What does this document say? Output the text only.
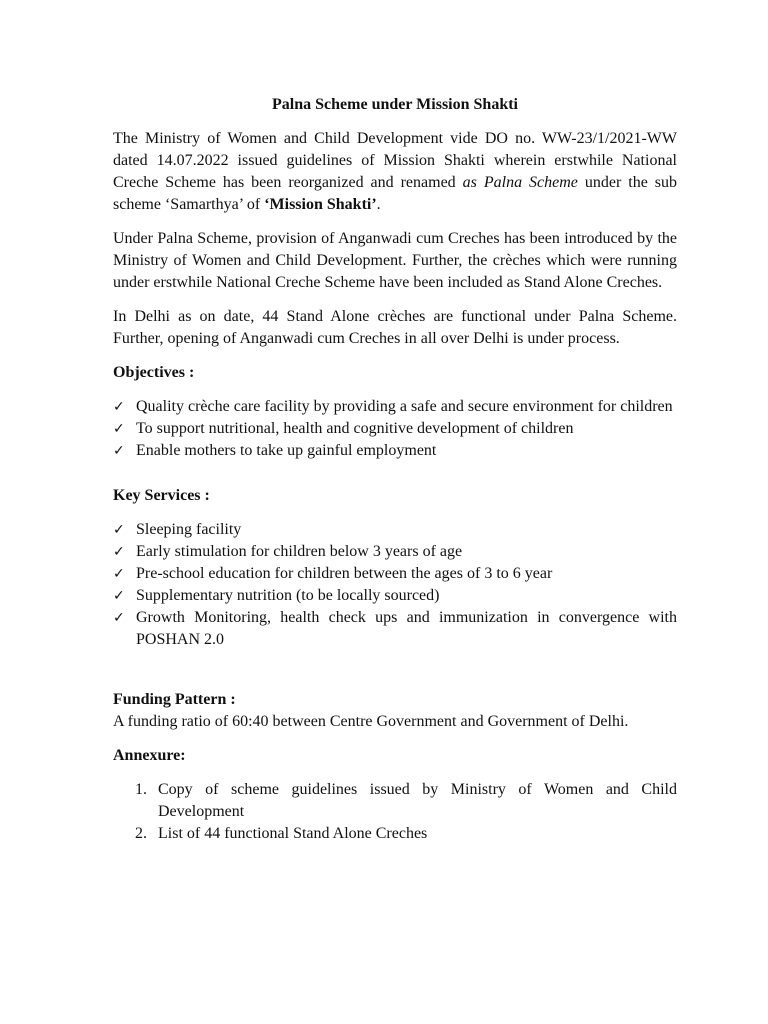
Palna Scheme under Mission Shakti

The Ministry of Women and Child Development vide DO no. WW-23/1/2021-WW dated 14.07.2022 issued guidelines of Mission Shakti wherein erstwhile National Creche Scheme has been reorganized and renamed as Palna Scheme under the sub scheme ‘Samarthya’ of ‘Mission Shakti’.

Under Palna Scheme, provision of Anganwadi cum Creches has been introduced by the Ministry of Women and Child Development. Further, the crèches which were running under erstwhile National Creche Scheme have been included as Stand Alone Creches.

In Delhi as on date, 44 Stand Alone crèches are functional under Palna Scheme. Further, opening of Anganwadi cum Creches in all over Delhi is under process.

Objectives :
✓ Quality crèche care facility by providing a safe and secure environment for children
✓ To support nutritional, health and cognitive development of children
✓ Enable mothers to take up gainful employment
Key Services :
✓ Sleeping facility
✓ Early stimulation for children below 3 years of age
✓ Pre-school education for children between the ages of 3 to 6 year
✓ Supplementary nutrition (to be locally sourced)
✓ Growth Monitoring, health check ups and immunization in convergence with POSHAN 2.0
Funding Pattern :

A funding ratio of 60:40 between Centre Government and Government of Delhi.

Annexure:
1. Copy of scheme guidelines issued by Ministry of Women and Child Development
2. List of 44 functional Stand Alone Creches
